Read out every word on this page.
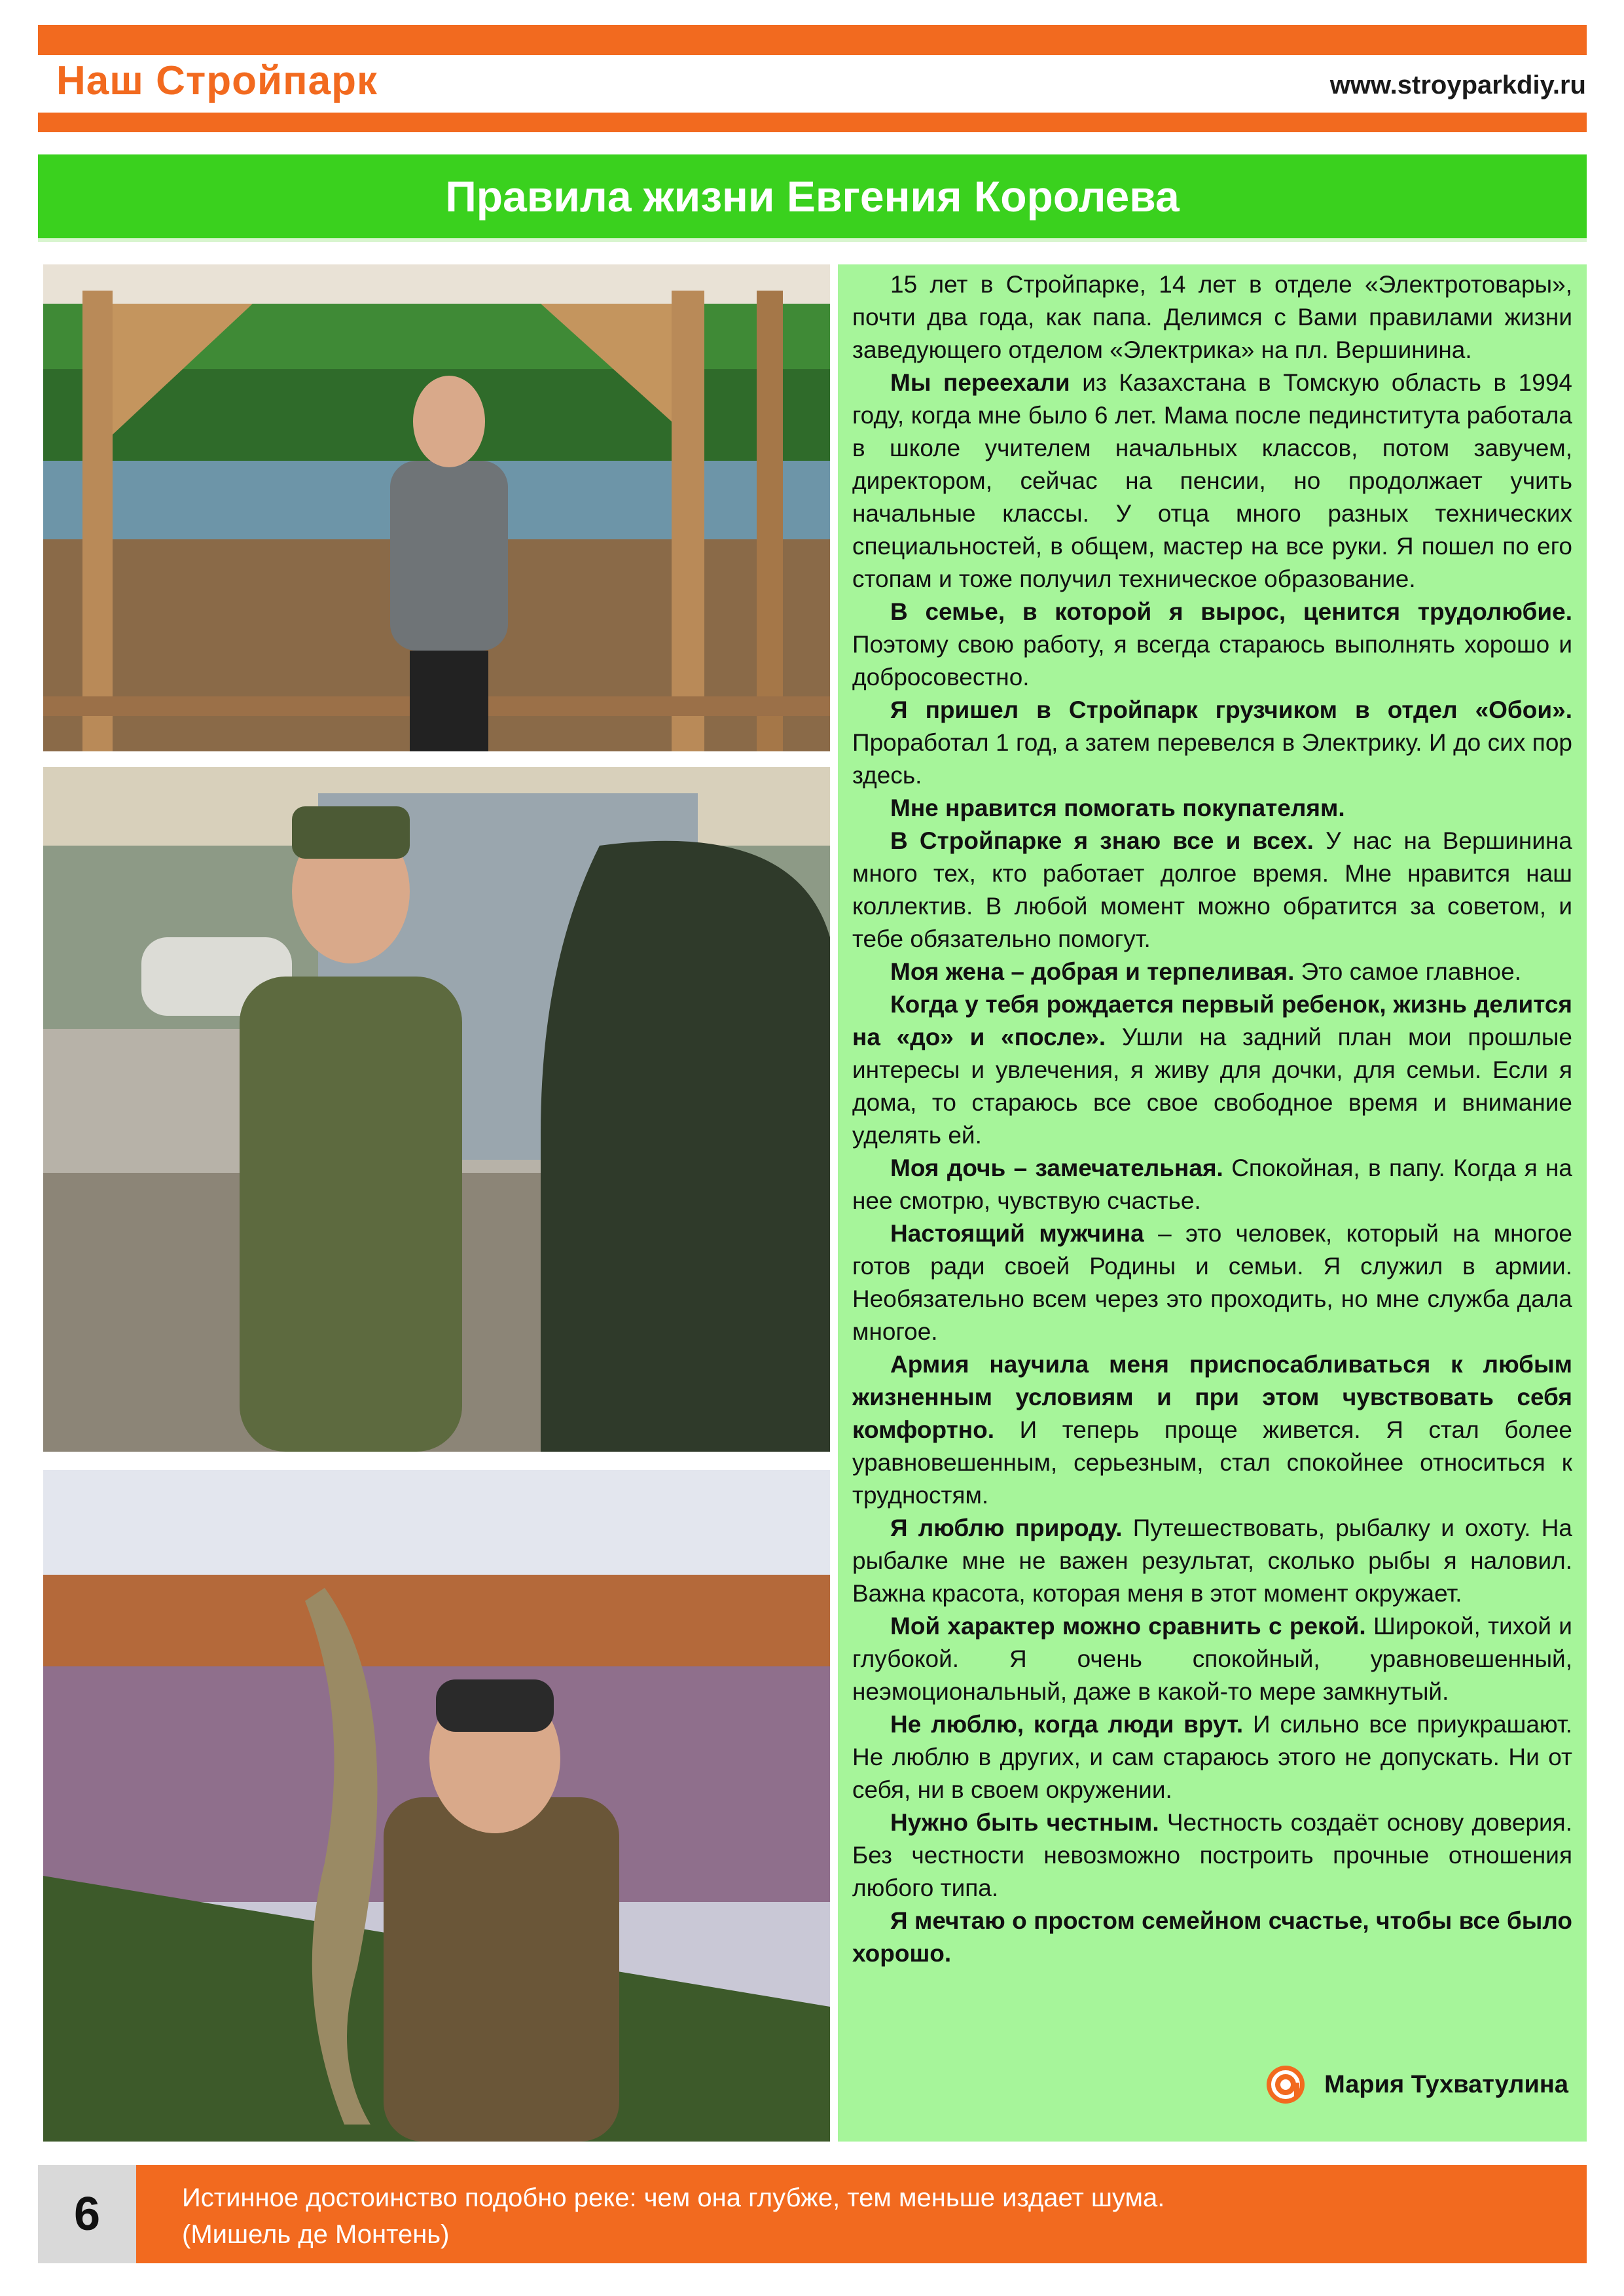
Наш Стройпарк	www.stroyparkdiy.ru
Правила жизни Евгения Королева

15 лет в Стройпарке, 14 лет в отделе «Электротовары», почти два года, как папа. Делимся с Вами правилами жизни заведующего отделом «Электрика» на пл. Вершинина.

Мы переехали из Казахстана в Томскую область в 1994 году, когда мне было 6 лет. Мама после пединститута работала в школе учителем начальных классов, потом завучем, директором, сейчас на пенсии, но продолжает учить начальные классы. У отца много разных технических специальностей, в общем, мастер на все руки. Я пошел по его стопам и тоже получил техническое образование.

В семье, в которой я вырос, ценится трудолюбие. Поэтому свою работу, я всегда стараюсь выполнять хорошо и добросовестно.

Я пришел в Стройпарк грузчиком в отдел «Обои». Проработал 1 год, а затем перевелся в Электрику. И до сих пор здесь.

Мне нравится помогать покупателям.

В Стройпарке я знаю все и всех. У нас на Вершинина много тех, кто работает долгое время. Мне нравится наш коллектив. В любой момент можно обратится за советом, и тебе обязательно помогут.

Моя жена – добрая и терпеливая. Это самое главное.

Когда у тебя рождается первый ребенок, жизнь делится на «до» и «после». Ушли на задний план мои прошлые интересы и увлечения, я живу для дочки, для семьи. Если я дома, то стараюсь все свое свободное время и внимание уделять ей.

Моя дочь – замечательная. Спокойная, в папу. Когда я на нее смотрю, чувствую счастье.

Настоящий мужчина – это человек, который на многое готов ради своей Родины и семьи. Я служил в армии. Необязательно всем через это проходить, но мне служба дала многое.

Армия научила меня приспосабливаться к любым жизненным условиям и при этом чувствовать себя комфортно. И теперь проще живется. Я стал более уравновешенным, серьезным, стал спокойнее относиться к трудностям.

Я люблю природу. Путешествовать, рыбалку и охоту. На рыбалке мне не важен результат, сколько рыбы я наловил. Важна красота, которая меня в этот момент окружает.

Мой характер можно сравнить с рекой. Широкой, тихой и глубокой. Я очень спокойный, уравновешенный, неэмоциональный, даже в какой-то мере замкнутый.

Не люблю, когда люди врут. И сильно все приукрашают. Не люблю в других, и сам стараюсь этого не допускать. Ни от себя, ни в своем окружении.

Нужно быть честным. Честность создаёт основу доверия. Без честности невозможно построить прочные отношения любого типа.

Я мечтаю о простом семейном счастье, чтобы все было хорошо.

Мария Тухватулина
6	Истинное достоинство подобно реке: чем она глубже, тем меньше издает шума.
(Мишель де Монтень)
